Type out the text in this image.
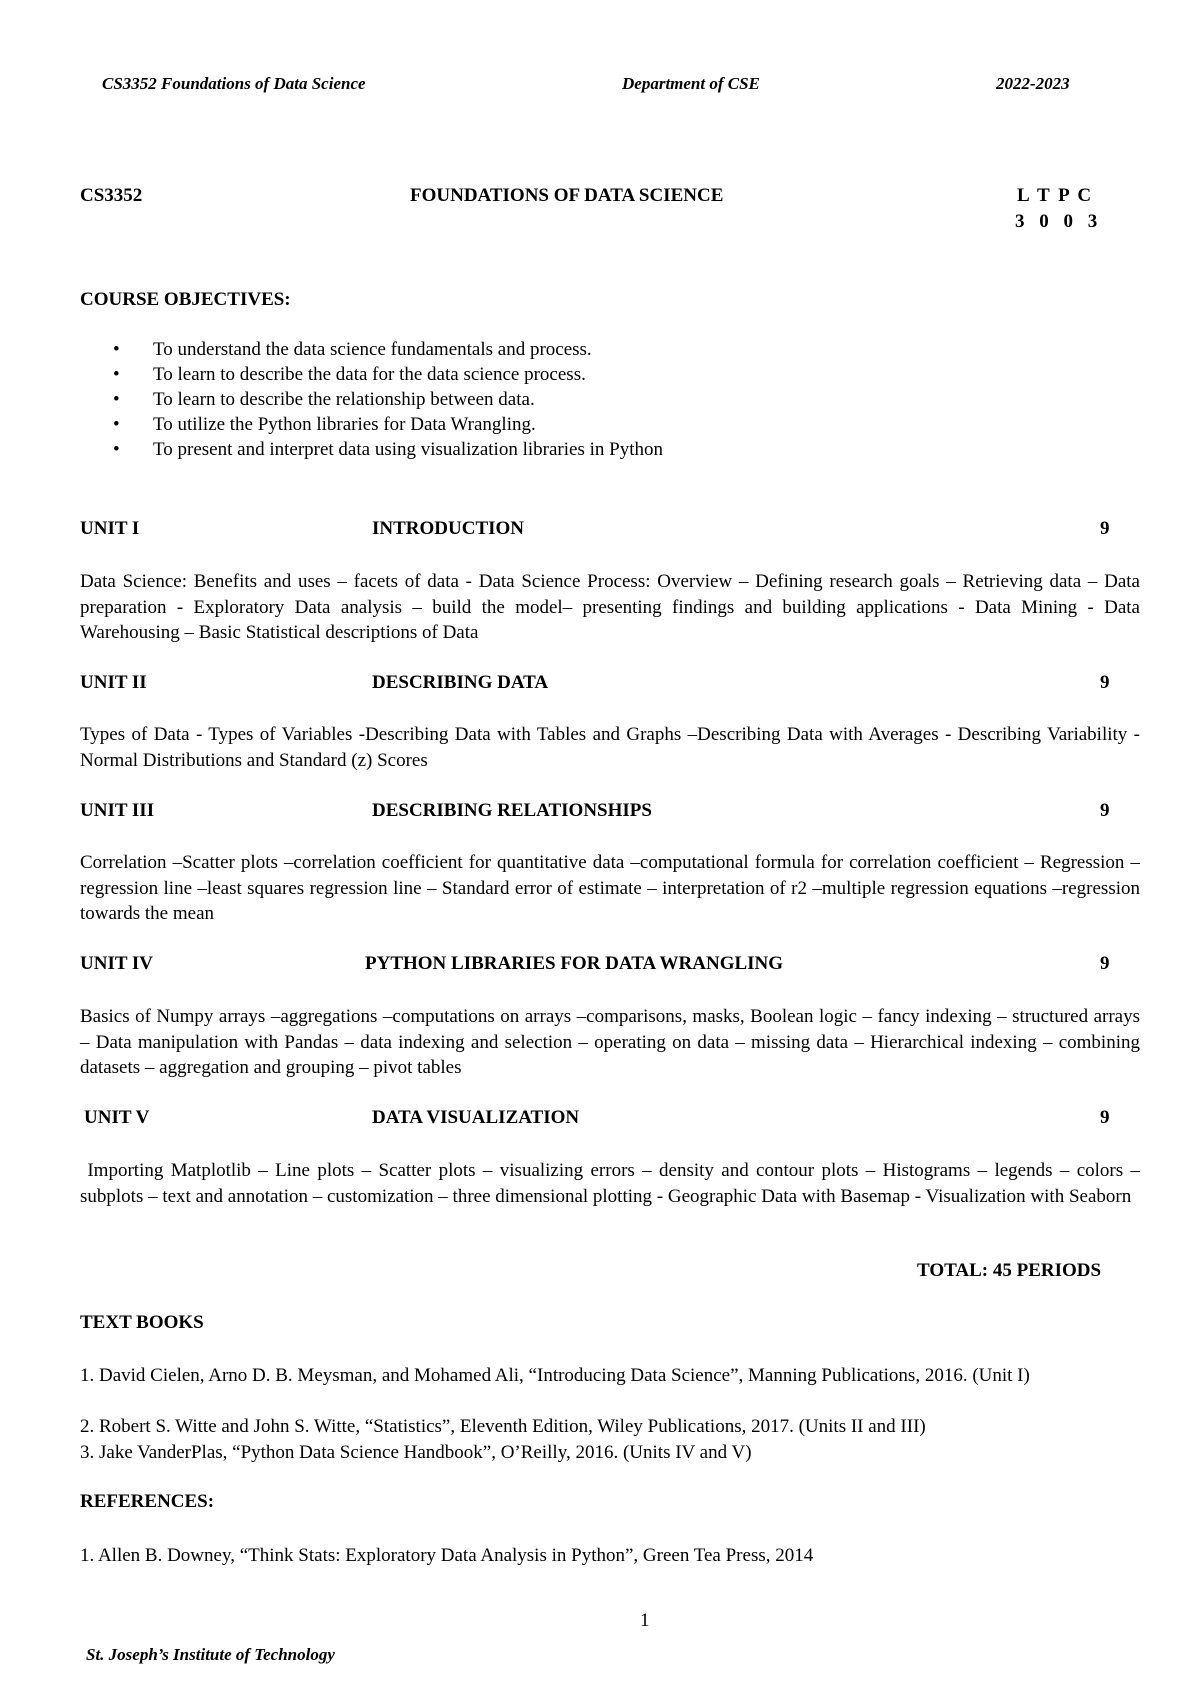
CS3352 Foundations of Data Science	Department of CSE	2022-2023
CS3352	FOUNDATIONS OF DATA SCIENCE	L T P C
3 0 0 3
COURSE OBJECTIVES:
• To understand the data science fundamentals and process.
• To learn to describe the data for the data science process.
• To learn to describe the relationship between data.
• To utilize the Python libraries for Data Wrangling.
• To present and interpret data using visualization libraries in Python
UNIT I	INTRODUCTION	9
Data Science: Benefits and uses – facets of data - Data Science Process: Overview – Defining research goals – Retrieving data – Data preparation - Exploratory Data analysis – build the model– presenting findings and building applications - Data Mining - Data Warehousing – Basic Statistical descriptions of Data
UNIT II	DESCRIBING DATA	9
Types of Data - Types of Variables -Describing Data with Tables and Graphs –Describing Data with Averages - Describing Variability - Normal Distributions and Standard (z) Scores
UNIT III	DESCRIBING RELATIONSHIPS	9
Correlation –Scatter plots –correlation coefficient for quantitative data –computational formula for correlation coefficient – Regression –regression line –least squares regression line – Standard error of estimate – interpretation of r2 –multiple regression equations –regression towards the mean
UNIT IV	PYTHON LIBRARIES FOR DATA WRANGLING	9
Basics of Numpy arrays –aggregations –computations on arrays –comparisons, masks, Boolean logic – fancy indexing – structured arrays – Data manipulation with Pandas – data indexing and selection – operating on data – missing data – Hierarchical indexing – combining datasets – aggregation and grouping – pivot tables
UNIT V	DATA VISUALIZATION	9
Importing Matplotlib – Line plots – Scatter plots – visualizing errors – density and contour plots – Histograms – legends – colors – subplots – text and annotation – customization – three dimensional plotting - Geographic Data with Basemap - Visualization with Seaborn
TOTAL: 45 PERIODS
TEXT BOOKS
1. David Cielen, Arno D. B. Meysman, and Mohamed Ali, “Introducing Data Science”, Manning Publications, 2016. (Unit I)
2. Robert S. Witte and John S. Witte, “Statistics”, Eleventh Edition, Wiley Publications, 2017. (Units II and III)
3. Jake VanderPlas, “Python Data Science Handbook”, O’Reilly, 2016. (Units IV and V)
REFERENCES:
1. Allen B. Downey, “Think Stats: Exploratory Data Analysis in Python”, Green Tea Press, 2014
1
St. Joseph’s Institute of Technology
